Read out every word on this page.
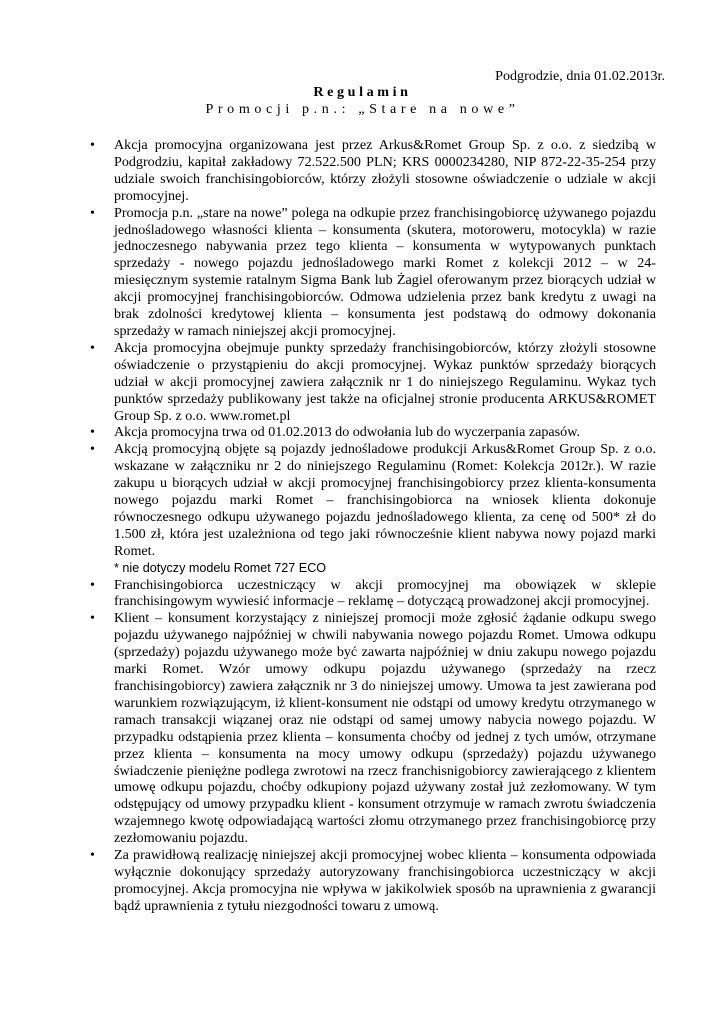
Podgrodzie, dnia 01.02.2013r.
Regulamin
Promocji p.n.: „Stare na nowe”
• Akcja promocyjna organizowana jest przez Arkus&Romet Group Sp. z o.o. z siedzibą w Podgrodziu, kapitał zakładowy 72.522.500 PLN; KRS 0000234280, NIP 872-22-35-254 przy udziale swoich franchisingobiorców, którzy złożyli stosowne oświadczenie o udziale w akcji promocyjnej.
• Promocja p.n. „stare na nowe” polega na odkupie przez franchisingobiorcę używanego pojazdu jednośladowego własności klienta – konsumenta (skutera, motoroweru, motocykla) w razie jednoczesnego nabywania przez tego klienta – konsumenta w wytypowanych punktach sprzedaży - nowego pojazdu jednośladowego marki Romet z kolekcji 2012 – w 24- miesięcznym systemie ratalnym Sigma Bank lub Żagiel oferowanym przez biorących udział w akcji promocyjnej franchisingobiorców. Odmowa udzielenia przez bank kredytu z uwagi na brak zdolności kredytowej klienta – konsumenta jest podstawą do odmowy dokonania sprzedaży w ramach niniejszej akcji promocyjnej.
• Akcja promocyjna obejmuje punkty sprzedaży franchisingobiorców, którzy złożyli stosowne oświadczenie o przystąpieniu do akcji promocyjnej. Wykaz punktów sprzedaży biorących udział w akcji promocyjnej zawiera załącznik nr 1 do niniejszego Regulaminu. Wykaz tych punktów sprzedaży publikowany jest także na oficjalnej stronie producenta ARKUS&ROMET Group Sp. z o.o. www.romet.pl
• Akcja promocyjna trwa od 01.02.2013 do odwołania lub do wyczerpania zapasów.
• Akcją promocyjną objęte są pojazdy jednośladowe produkcji Arkus&Romet Group Sp. z o.o. wskazane w załączniku nr 2 do niniejszego Regulaminu (Romet: Kolekcja 2012r.). W razie zakupu u biorących udział w akcji promocyjnej franchisingobiorcy przez klienta-konsumenta nowego pojazdu marki Romet – franchisingobiorca na wniosek klienta dokonuje równoczesnego odkupu używanego pojazdu jednośladowego klienta, za cenę od 500* zł do 1.500 zł, która jest uzależniona od tego jaki równocześnie klient nabywa nowy pojazd marki Romet.
* nie dotyczy modelu Romet 727 ECO
• Franchisingobiorca uczestniczący w akcji promocyjnej ma obowiązek w sklepie franchisingowym wywiesić informacje – reklamę – dotyczącą prowadzonej akcji promocyjnej.
• Klient – konsument korzystający z niniejszej promocji może zgłosić żądanie odkupu swego pojazdu używanego najpóźniej w chwili nabywania nowego pojazdu Romet. Umowa odkupu (sprzedaży) pojazdu używanego może być zawarta najpóźniej w dniu zakupu nowego pojazdu marki Romet. Wzór umowy odkupu pojazdu używanego (sprzedaży na rzecz franchisingobiorcy) zawiera załącznik nr 3 do niniejszej umowy. Umowa ta jest zawierana pod warunkiem rozwiązującym, iż klient-konsument nie odstąpi od umowy kredytu otrzymanego w ramach transakcji wiązanej oraz nie odstąpi od samej umowy nabycia nowego pojazdu. W przypadku odstąpienia przez klienta – konsumenta choćby od jednej z tych umów, otrzymane przez klienta – konsumenta na mocy umowy odkupu (sprzedaży) pojazdu używanego świadczenie pieniężne podlega zwrotowi na rzecz franchisnigobiorcy zawierającego z klientem umowę odkupu pojazdu, choćby odkupiony pojazd używany został już zezłomowany. W tym odstępujący od umowy przypadku klient - konsument otrzymuje w ramach zwrotu świadczenia wzajemnego kwotę odpowiadającą wartości złomu otrzymanego przez franchisingobiorcę przy zezłomowaniu pojazdu.
• Za prawidłową realizację niniejszej akcji promocyjnej wobec klienta – konsumenta odpowiada wyłącznie dokonujący sprzedaży autoryzowany franchisingobiorca uczestniczący w akcji promocyjnej. Akcja promocyjna nie wpływa w jakikolwiek sposób na uprawnienia z gwarancji bądź uprawnienia z tytułu niezgodności towaru z umową.
